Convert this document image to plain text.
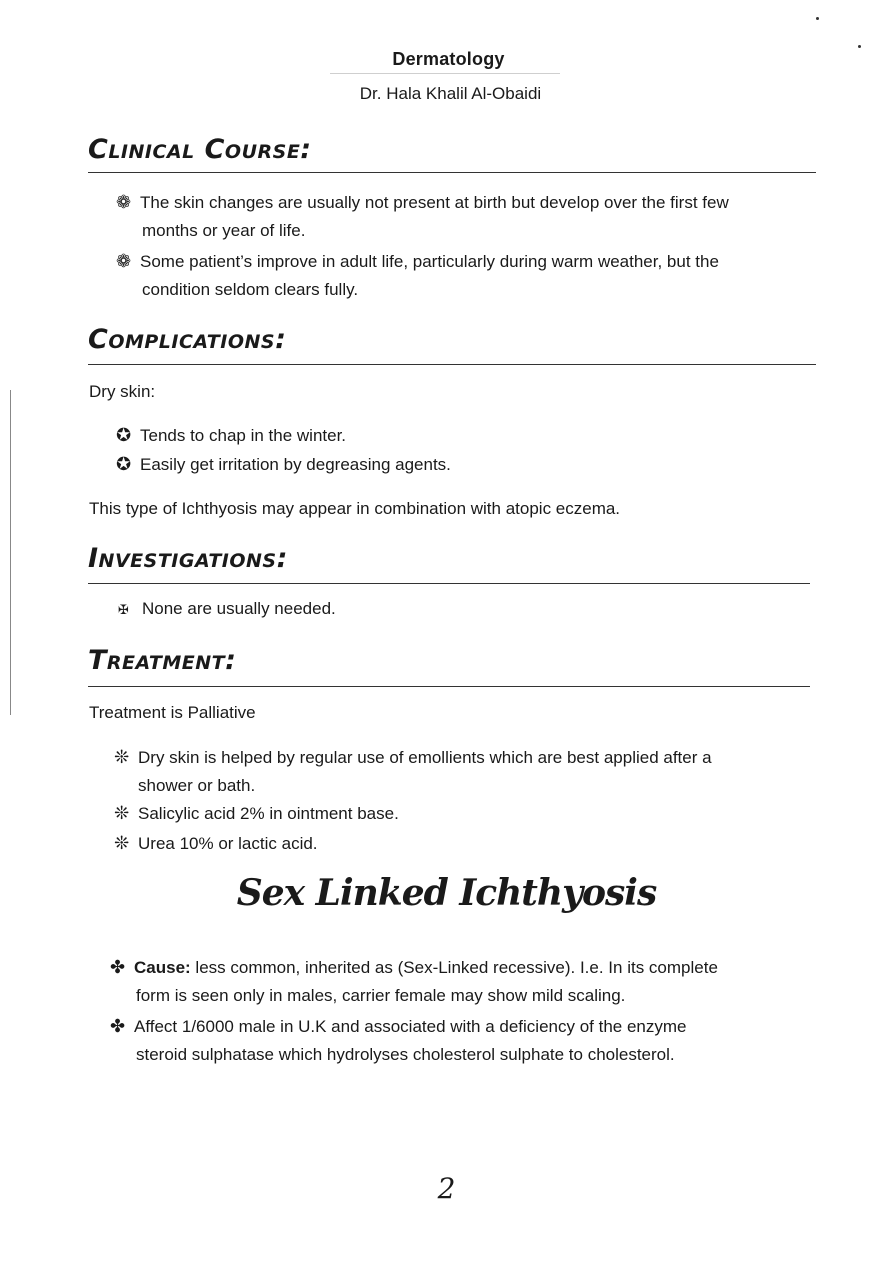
Dermatology
Dr. Hala Khalil Al-Obaidi
Clinical Course:
❁ The skin changes are usually not present at birth but develop over the first few
months or year of life.
❁ Some patient’s improve in adult life, particularly during warm weather, but the
condition seldom clears fully.
Complications:
Dry skin:
✪ Tends to chap in the winter.
✪ Easily get irritation by degreasing agents.
This type of Ichthyosis may appear in combination with atopic eczema.
Investigations:
✠ None are usually needed.
Treatment:
Treatment is Palliative
❊ Dry skin is helped by regular use of emollients which are best applied after a
shower or bath.
❊ Salicylic acid 2% in ointment base.
❊ Urea 10% or lactic acid.
Sex Linked Ichthyosis
✤ Cause: less common, inherited as (Sex-Linked recessive). I.e. In its complete
form is seen only in males, carrier female may show mild scaling.
✤ Affect 1/6000 male in U.K and associated with a deficiency of the enzyme
steroid sulphatase which hydrolyses cholesterol sulphate to cholesterol.
2
